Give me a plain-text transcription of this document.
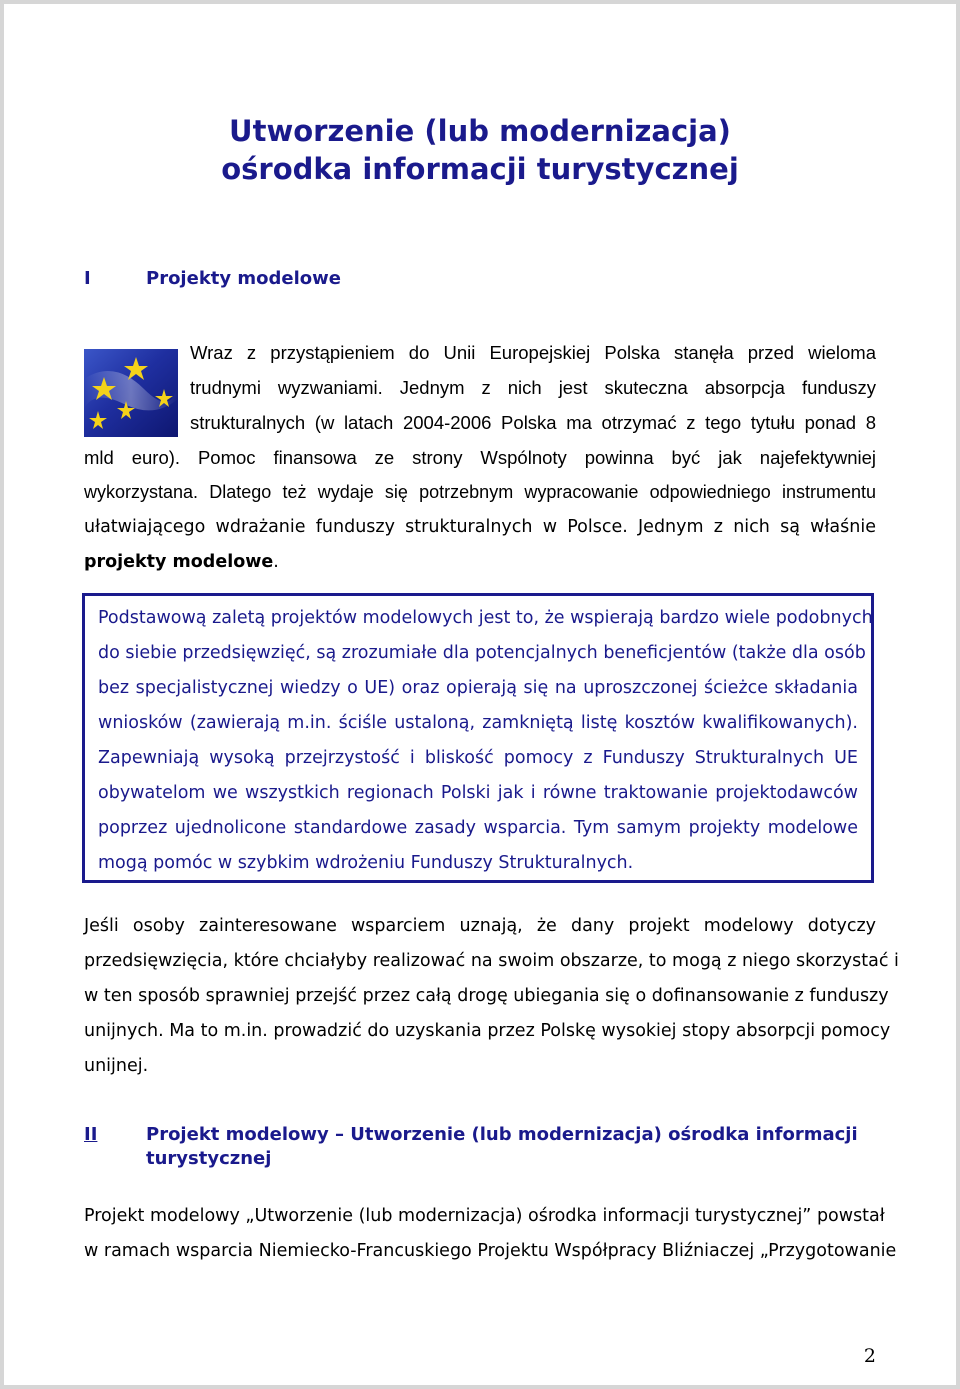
Utworzenie (lub modernizacja)
ośrodka informacji turystycznej
I	Projekty modelowe
Wraz z przystąpieniem do Unii Europejskiej Polska stanęła przed wieloma
trudnymi wyzwaniami. Jednym z nich jest skuteczna absorpcja funduszy
strukturalnych (w latach 2004-2006 Polska ma otrzymać z tego tytułu ponad 8
mld euro). Pomoc finansowa ze strony Wspólnoty powinna być jak najefektywniej
wykorzystana. Dlatego też wydaje się potrzebnym wypracowanie odpowiedniego instrumentu
ułatwiającego wdrażanie funduszy strukturalnych w Polsce. Jednym z nich są właśnie
projekty modelowe.
Podstawową zaletą projektów modelowych jest to, że wspierają bardzo wiele podobnych
do siebie przedsięwzięć, są zrozumiałe dla potencjalnych beneficjentów (także dla osób
bez specjalistycznej wiedzy o UE) oraz opierają się na uproszczonej ścieżce składania
wniosków (zawierają m.in. ściśle ustaloną, zamkniętą listę kosztów kwalifikowanych).
Zapewniają wysoką przejrzystość i bliskość pomocy z Funduszy Strukturalnych UE
obywatelom we wszystkich regionach Polski jak i równe traktowanie projektodawców
poprzez ujednolicone standardowe zasady wsparcia. Tym samym projekty modelowe
mogą pomóc w szybkim wdrożeniu Funduszy Strukturalnych.
Jeśli osoby zainteresowane wsparciem uznają, że dany projekt modelowy dotyczy
przedsięwzięcia, które chciałyby realizować na swoim obszarze, to mogą z niego skorzystać i
w ten sposób sprawniej przejść przez całą drogę ubiegania się o dofinansowanie z funduszy
unijnych. Ma to m.in. prowadzić do uzyskania przez Polskę wysokiej stopy absorpcji pomocy
unijnej.
II	Projekt modelowy – Utworzenie (lub modernizacja) ośrodka informacji turystycznej
Projekt modelowy „Utworzenie (lub modernizacja) ośrodka informacji turystycznej” powstał
w ramach wsparcia Niemiecko-Francuskiego Projektu Współpracy Bliźniaczej „Przygotowanie
2
